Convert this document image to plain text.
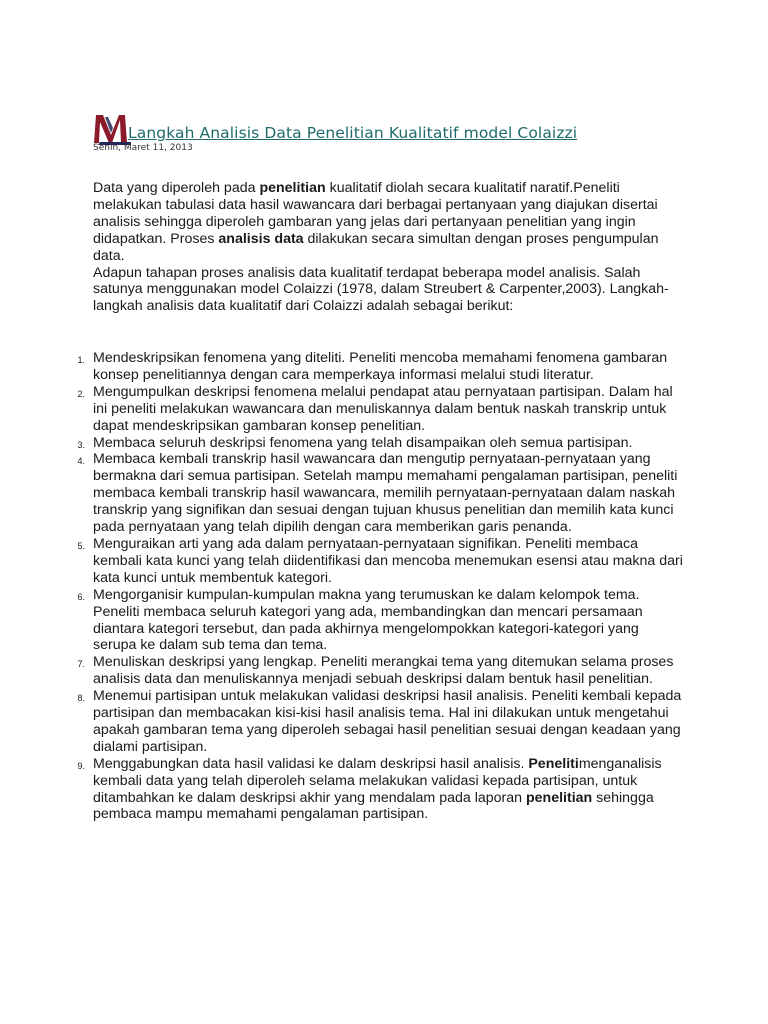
Langkah Analisis Data Penelitian Kualitatif model Colaizzi
Senin, Maret 11, 2013

Data yang diperoleh pada penelitian kualitatif diolah secara kualitatif naratif.Peneliti melakukan tabulasi data hasil wawancara dari berbagai pertanyaan yang diajukan disertai analisis sehingga diperoleh gambaran yang jelas dari pertanyaan penelitian yang ingin didapatkan. Proses analisis data dilakukan secara simultan dengan proses pengumpulan data.

Adapun tahapan proses analisis data kualitatif terdapat beberapa model analisis. Salah satunya menggunakan model Colaizzi (1978, dalam Streubert & Carpenter,2003). Langkah-langkah analisis data kualitatif dari Colaizzi adalah sebagai berikut:

1. Mendeskripsikan fenomena yang diteliti. Peneliti mencoba memahami fenomena gambaran konsep penelitiannya dengan cara memperkaya informasi melalui studi literatur.
2. Mengumpulkan deskripsi fenomena melalui pendapat atau pernyataan partisipan. Dalam hal ini peneliti melakukan wawancara dan menuliskannya dalam bentuk naskah transkrip untuk dapat mendeskripsikan gambaran konsep penelitian.
3. Membaca seluruh deskripsi fenomena yang telah disampaikan oleh semua partisipan.
4. Membaca kembali transkrip hasil wawancara dan mengutip pernyataan-pernyataan yang bermakna dari semua partisipan. Setelah mampu memahami pengalaman partisipan, peneliti membaca kembali transkrip hasil wawancara, memilih pernyataan-pernyataan dalam naskah transkrip yang signifikan dan sesuai dengan tujuan khusus penelitian dan memilih kata kunci pada pernyataan yang telah dipilih dengan cara memberikan garis penanda.
5. Menguraikan arti yang ada dalam pernyataan-pernyataan signifikan. Peneliti membaca kembali kata kunci yang telah diidentifikasi dan mencoba menemukan esensi atau makna dari kata kunci untuk membentuk kategori.
6. Mengorganisir kumpulan-kumpulan makna yang terumuskan ke dalam kelompok tema. Peneliti membaca seluruh kategori yang ada, membandingkan dan mencari persamaan diantara kategori tersebut, dan pada akhirnya mengelompokkan kategori-kategori yang serupa ke dalam sub tema dan tema.
7. Menuliskan deskripsi yang lengkap. Peneliti merangkai tema yang ditemukan selama proses analisis data dan menuliskannya menjadi sebuah deskripsi dalam bentuk hasil penelitian.
8. Menemui partisipan untuk melakukan validasi deskripsi hasil analisis. Peneliti kembali kepada partisipan dan membacakan kisi-kisi hasil analisis tema. Hal ini dilakukan untuk mengetahui apakah gambaran tema yang diperoleh sebagai hasil penelitian sesuai dengan keadaan yang dialami partisipan.
9. Menggabungkan data hasil validasi ke dalam deskripsi hasil analisis. Penelitimenganalisis kembali data yang telah diperoleh selama melakukan validasi kepada partisipan, untuk ditambahkan ke dalam deskripsi akhir yang mendalam pada laporan penelitian sehingga pembaca mampu memahami pengalaman partisipan.
